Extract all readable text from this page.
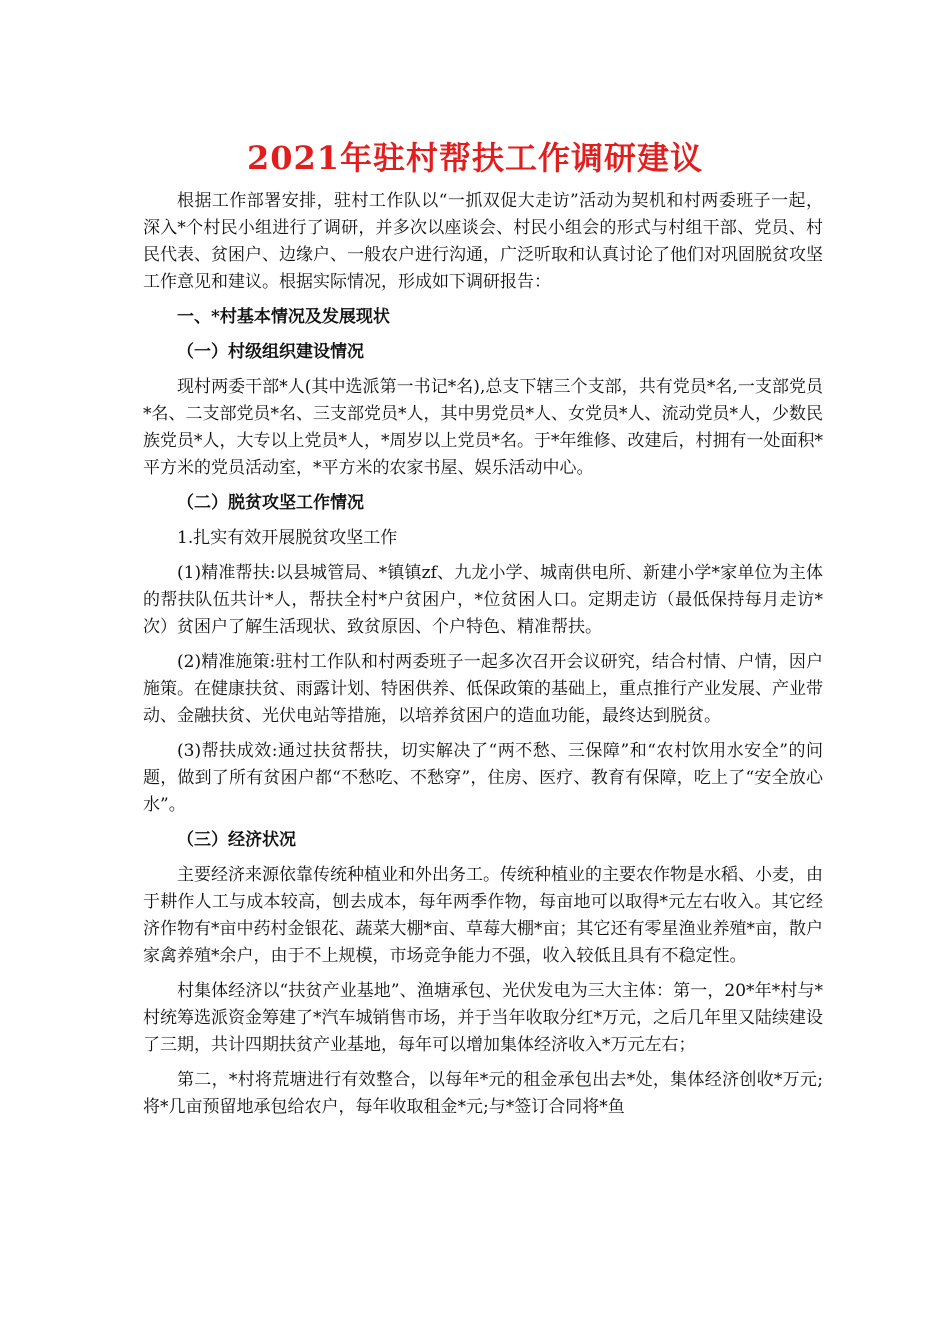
2021年驻村帮扶工作调研建议

根据工作部署安排，驻村工作队以“一抓双促大走访”活动为契机和村两委班子一起，深入*个村民小组进行了调研，并多次以座谈会、村民小组会的形式与村组干部、党员、村民代表、贫困户、边缘户、一般农户进行沟通，广泛听取和认真讨论了他们对巩固脱贫攻坚工作意见和建议。根据实际情况，形成如下调研报告：

一、*村基本情况及发展现状

（一）村级组织建设情况

现村两委干部*人(其中选派第一书记*名),总支下辖三个支部，共有党员*名,一支部党员*名、二支部党员*名、三支部党员*人，其中男党员*人、女党员*人、流动党员*人，少数民族党员*人，大专以上党员*人，*周岁以上党员*名。于*年维修、改建后，村拥有一处面积*平方米的党员活动室，*平方米的农家书屋、娱乐活动中心。

（二）脱贫攻坚工作情况

1.扎实有效开展脱贫攻坚工作

(1)精准帮扶:以县城管局、*镇镇zf、九龙小学、城南供电所、新建小学*家单位为主体的帮扶队伍共计*人，帮扶全村*户贫困户，*位贫困人口。定期走访（最低保持每月走访*次）贫困户了解生活现状、致贫原因、个户特色、精准帮扶。

(2)精准施策:驻村工作队和村两委班子一起多次召开会议研究，结合村情、户情，因户施策。在健康扶贫、雨露计划、特困供养、低保政策的基础上，重点推行产业发展、产业带动、金融扶贫、光伏电站等措施，以培养贫困户的造血功能，最终达到脱贫。

(3)帮扶成效:通过扶贫帮扶，切实解决了“两不愁、三保障”和“农村饮用水安全”的问题，做到了所有贫困户都“不愁吃、不愁穿”，住房、医疗、教育有保障，吃上了“安全放心水”。

（三）经济状况

主要经济来源依靠传统种植业和外出务工。传统种植业的主要农作物是水稻、小麦，由于耕作人工与成本较高，刨去成本，每年两季作物，每亩地可以取得*元左右收入。其它经济作物有*亩中药村金银花、蔬菜大棚*亩、草莓大棚*亩；其它还有零星渔业养殖*亩，散户家禽养殖*余户，由于不上规模，市场竞争能力不强，收入较低且具有不稳定性。

村集体经济以“扶贫产业基地”、渔塘承包、光伏发电为三大主体：第一，20*年*村与*村统筹选派资金筹建了*汽车城销售市场，并于当年收取分红*万元，之后几年里又陆续建设了三期，共计四期扶贫产业基地，每年可以增加集体经济收入*万元左右；

第二，*村将荒塘进行有效整合，以每年*元的租金承包出去*处，集体经济创收*万元;将*几亩预留地承包给农户，每年收取租金*元;与*签订合同将*鱼
